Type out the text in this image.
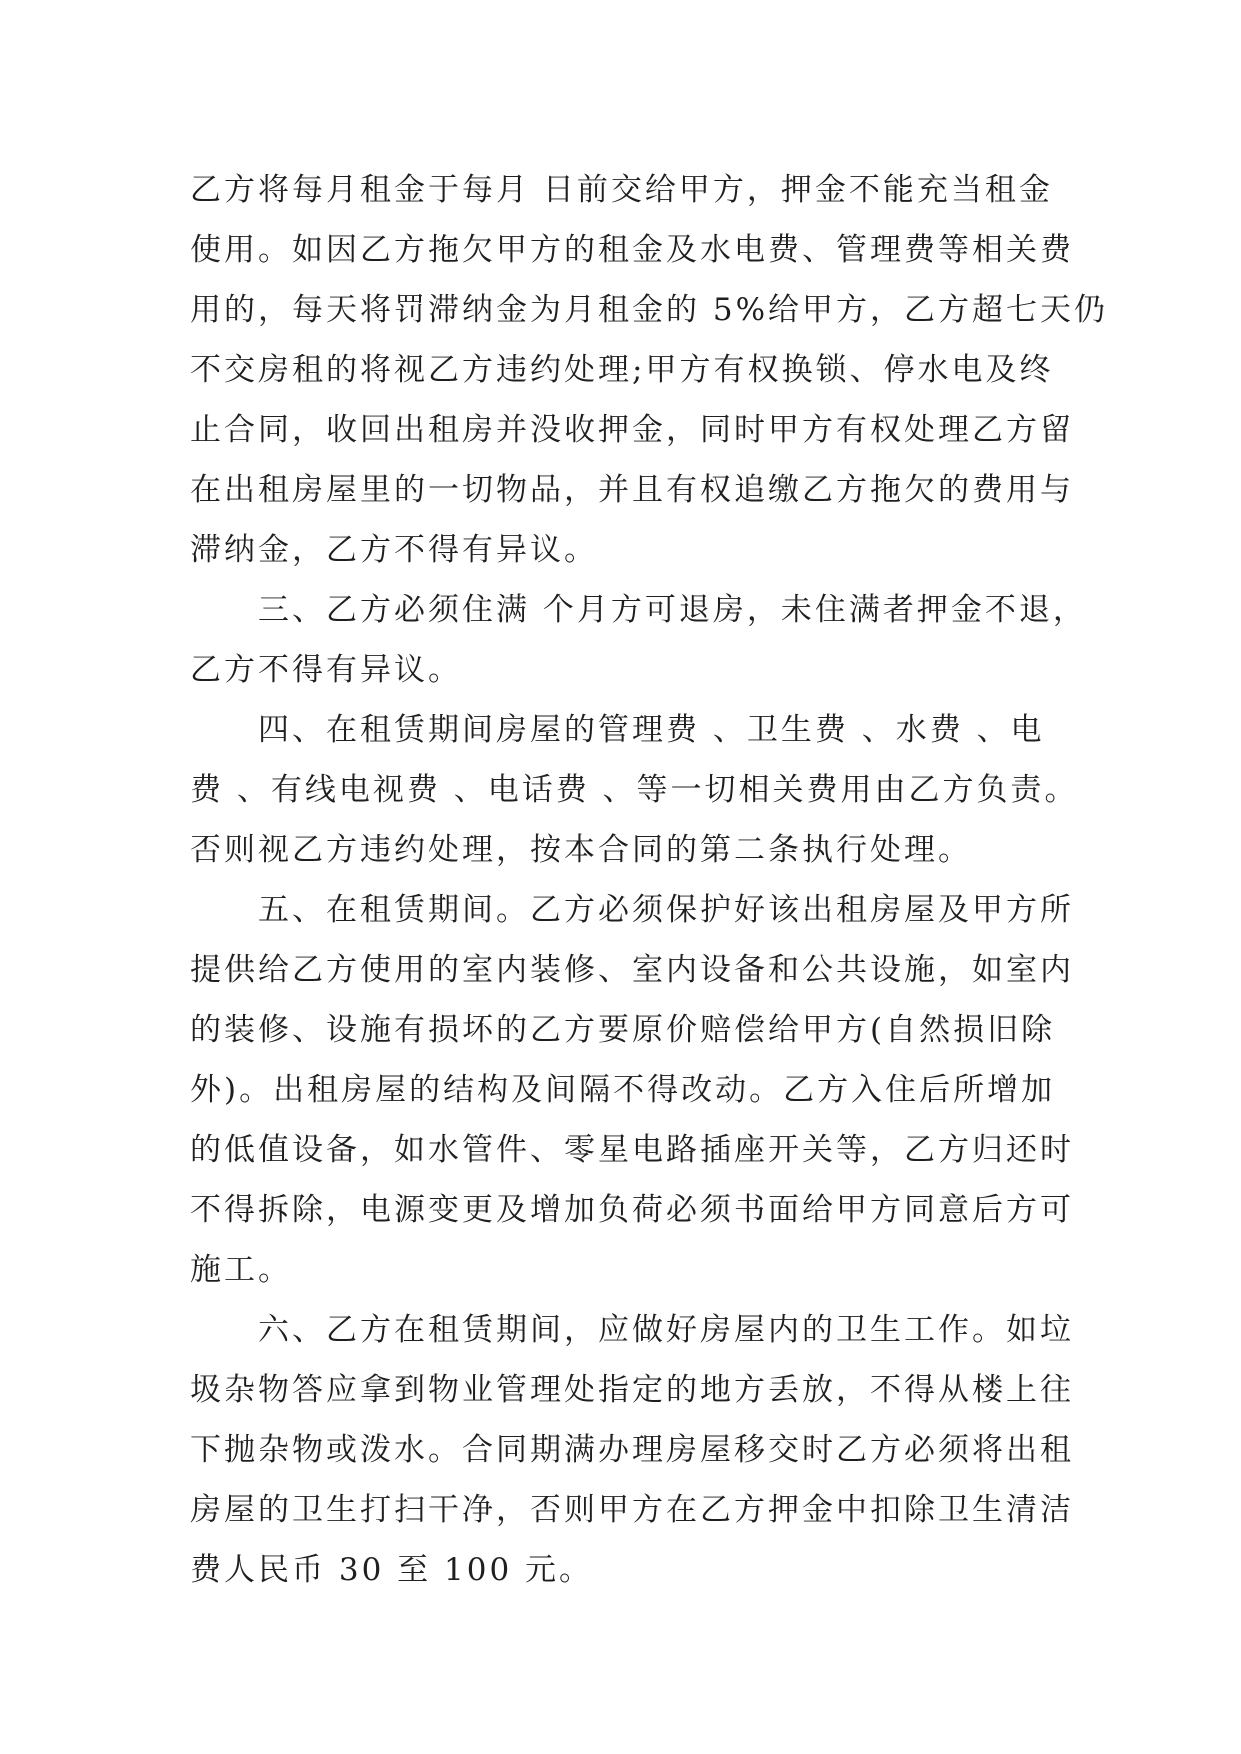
乙方将每月租金于每月 日前交给甲方，押金不能充当租金
使用。如因乙方拖欠甲方的租金及水电费、管理费等相关费
用的，每天将罚滞纳金为月租金的 5%给甲方，乙方超七天仍
不交房租的将视乙方违约处理;甲方有权换锁、停水电及终
止合同，收回出租房并没收押金，同时甲方有权处理乙方留
在出租房屋里的一切物品，并且有权追缴乙方拖欠的费用与
滞纳金，乙方不得有异议。
　　三、乙方必须住满 个月方可退房，未住满者押金不退，
乙方不得有异议。
　　四、在租赁期间房屋的管理费 、卫生费 、水费 、电
费 、有线电视费 、电话费 、等一切相关费用由乙方负责。
否则视乙方违约处理，按本合同的第二条执行处理。
　　五、在租赁期间。乙方必须保护好该出租房屋及甲方所
提供给乙方使用的室内装修、室内设备和公共设施，如室内
的装修、设施有损坏的乙方要原价赔偿给甲方(自然损旧除
外)。出租房屋的结构及间隔不得改动。乙方入住后所增加
的低值设备，如水管件、零星电路插座开关等，乙方归还时
不得拆除，电源变更及增加负荷必须书面给甲方同意后方可
施工。
　　六、乙方在租赁期间，应做好房屋内的卫生工作。如垃
圾杂物答应拿到物业管理处指定的地方丢放，不得从楼上往
下抛杂物或泼水。合同期满办理房屋移交时乙方必须将出租
房屋的卫生打扫干净，否则甲方在乙方押金中扣除卫生清洁
费人民币 30 至 100 元。
